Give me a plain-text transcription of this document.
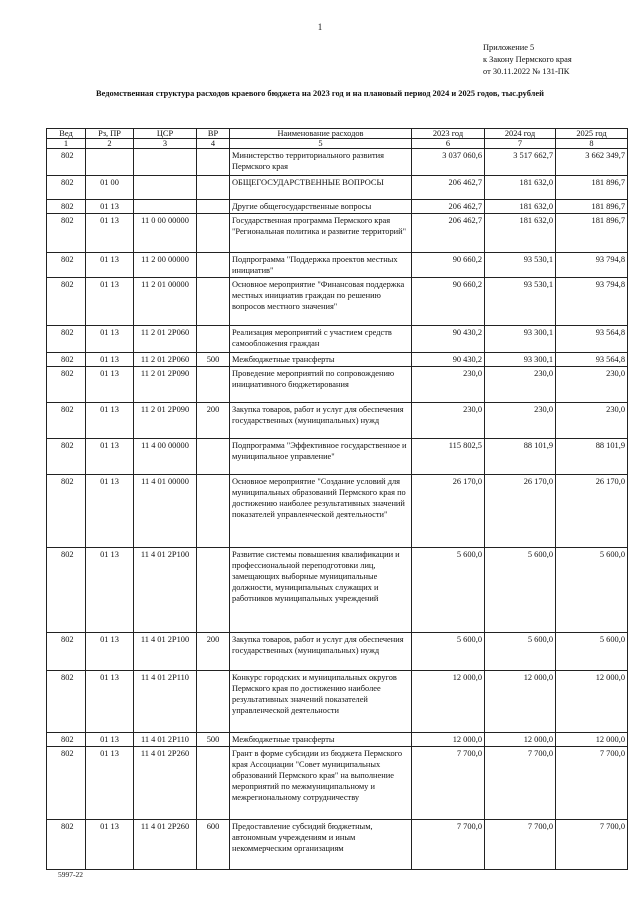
1
Приложение 5
к Закону Пермского края
от 30.11.2022 № 131-ПК
Ведомственная структура расходов краевого бюджета на 2023 год и на плановый период 2024 и 2025 годов, тыс.рублей
Вед	Рз, ПР	ЦСР	ВР	Наименование расходов	2023 год	2024 год	2025 год
1	2	3	4	5	6	7	8
802				Министерство территориального развития Пермского края	3 037 060,6	3 517 662,7	3 662 349,7
802	01 00			ОБЩЕГОСУДАРСТВЕННЫЕ ВОПРОСЫ	206 462,7	181 632,0	181 896,7
802	01 13			Другие общегосударственные вопросы	206 462,7	181 632,0	181 896,7
802	01 13	11 0 00 00000		Государственная программа Пермского края "Региональная политика и развитие территорий"	206 462,7	181 632,0	181 896,7
802	01 13	11 2 00 00000		Подпрограмма "Поддержка проектов местных инициатив"	90 660,2	93 530,1	93 794,8
802	01 13	11 2 01 00000		Основное мероприятие "Финансовая поддержка местных инициатив граждан по решению вопросов местного значения"	90 660,2	93 530,1	93 794,8
802	01 13	11 2 01 2P060		Реализация мероприятий с участием средств самообложения граждан	90 430,2	93 300,1	93 564,8
802	01 13	11 2 01 2P060	500	Межбюджетные трансферты	90 430,2	93 300,1	93 564,8
802	01 13	11 2 01 2P090		Проведение мероприятий по сопровождению инициативного бюджетирования	230,0	230,0	230,0
802	01 13	11 2 01 2P090	200	Закупка товаров, работ и услуг для обеспечения государственных (муниципальных) нужд	230,0	230,0	230,0
802	01 13	11 4 00 00000		Подпрограмма "Эффективное государственное и муниципальное управление"	115 802,5	88 101,9	88 101,9
802	01 13	11 4 01 00000		Основное мероприятие "Создание условий для муниципальных образований Пермского края по достижению наиболее результативных значений показателей управленческой деятельности"	26 170,0	26 170,0	26 170,0
802	01 13	11 4 01 2P100		Развитие системы повышения квалификации и профессиональной переподготовки лиц, замещающих выборные муниципальные должности, муниципальных служащих и работников муниципальных учреждений	5 600,0	5 600,0	5 600,0
802	01 13	11 4 01 2P100	200	Закупка товаров, работ и услуг для обеспечения государственных (муниципальных) нужд	5 600,0	5 600,0	5 600,0
802	01 13	11 4 01 2P110		Конкурс городских и муниципальных округов Пермского края по достижению наиболее результативных значений показателей управленческой деятельности	12 000,0	12 000,0	12 000,0
802	01 13	11 4 01 2P110	500	Межбюджетные трансферты	12 000,0	12 000,0	12 000,0
802	01 13	11 4 01 2P260		Грант в форме субсидии из бюджета Пермского края Ассоциации "Совет муниципальных образований Пермского края" на выполнение мероприятий по межмуниципальному и межрегиональному сотрудничеству	7 700,0	7 700,0	7 700,0
802	01 13	11 4 01 2P260	600	Предоставление субсидий бюджетным, автономным учреждениям и иным некоммерческим организациям	7 700,0	7 700,0	7 700,0
5997-22
